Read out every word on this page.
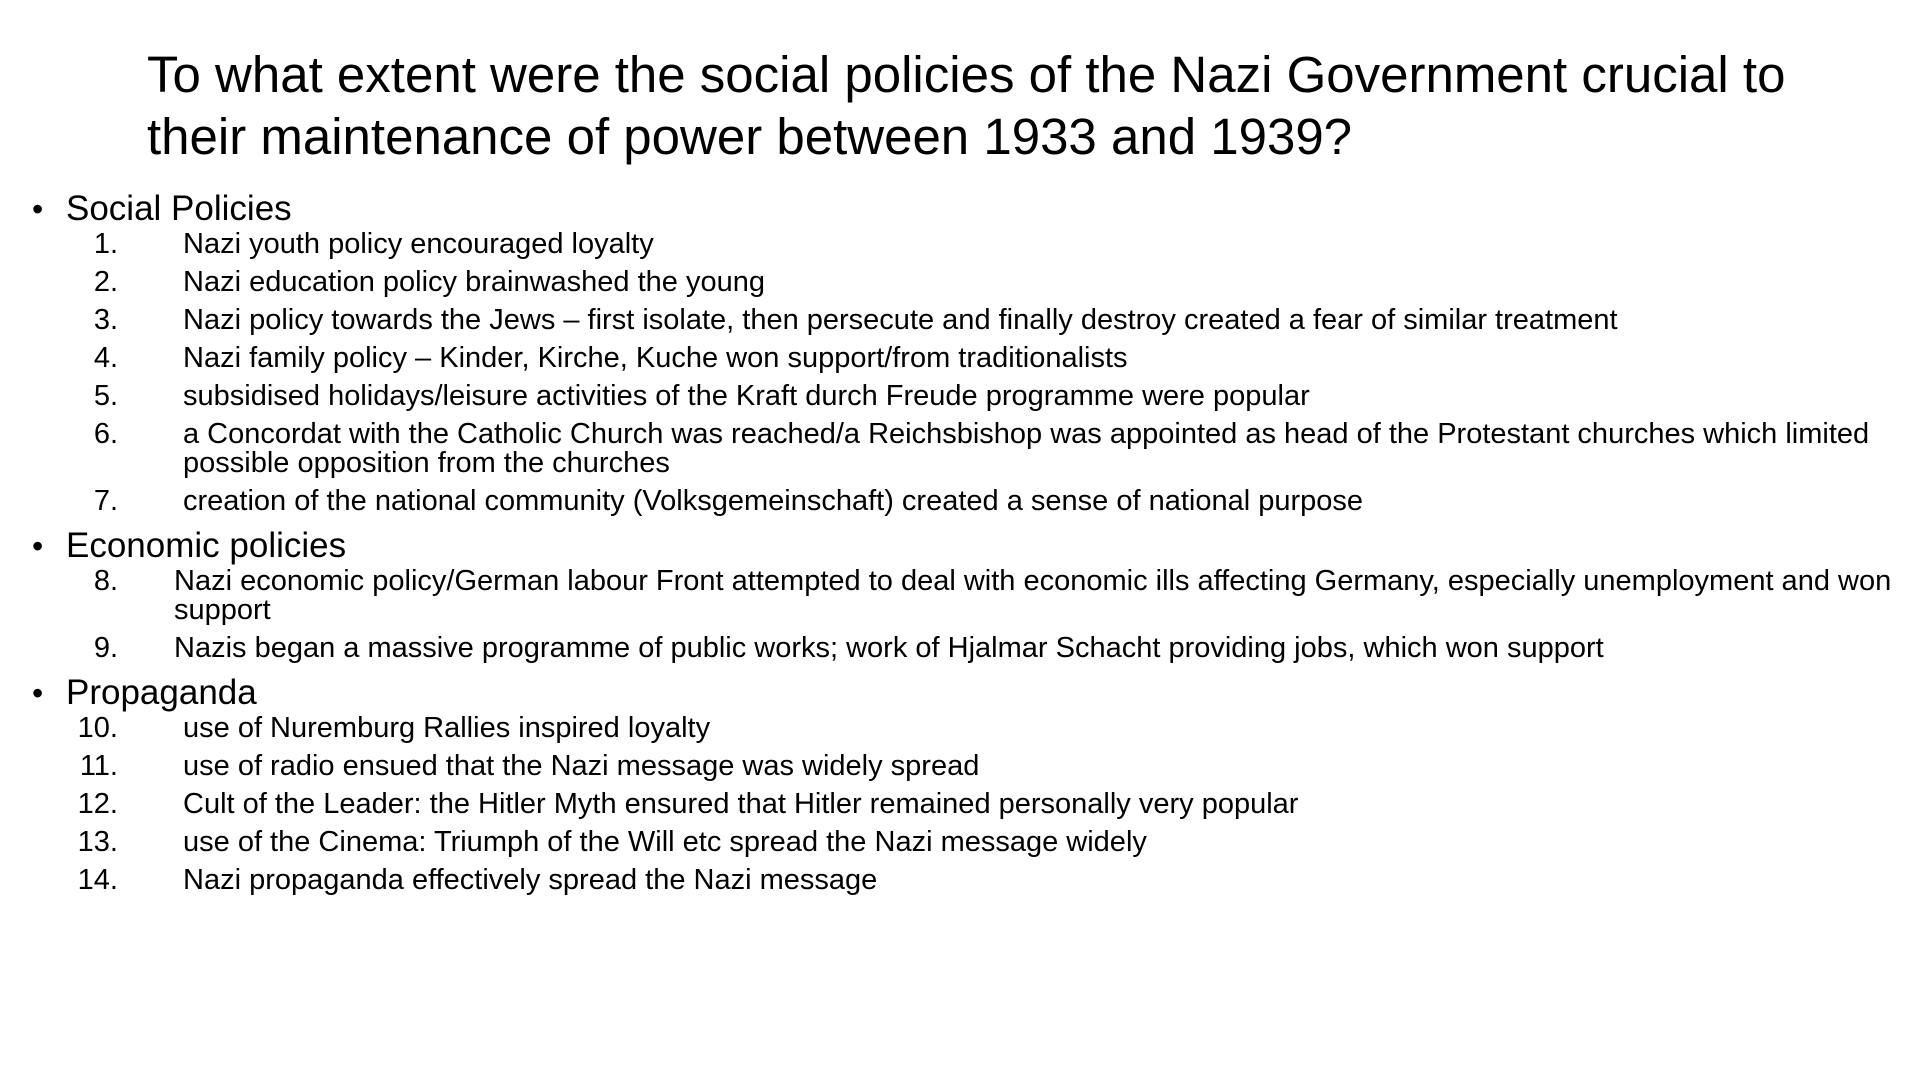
To what extent were the social policies of the Nazi Government crucial to their maintenance of power between 1933 and 1939?
• Social Policies
1. Nazi youth policy encouraged loyalty
2. Nazi education policy brainwashed the young
3. Nazi policy towards the Jews – first isolate, then persecute and finally destroy created a fear of similar treatment
4. Nazi family policy – Kinder, Kirche, Kuche won support/from traditionalists
5. subsidised holidays/leisure activities of the Kraft durch Freude programme were popular
6. a Concordat with the Catholic Church was reached/a Reichsbishop was appointed as head of the Protestant churches which limited possible opposition from the churches
7. creation of the national community (Volksgemeinschaft) created a sense of national purpose
• Economic policies
8. Nazi economic policy/German labour Front attempted to deal with economic ills affecting Germany, especially unemployment and won support
9. Nazis began a massive programme of public works; work of Hjalmar Schacht providing jobs, which won support
• Propaganda
10. use of Nuremburg Rallies inspired loyalty
11. use of radio ensued that the Nazi message was widely spread
12. Cult of the Leader: the Hitler Myth ensured that Hitler remained personally very popular
13. use of the Cinema: Triumph of the Will etc spread the Nazi message widely
14. Nazi propaganda effectively spread the Nazi message
